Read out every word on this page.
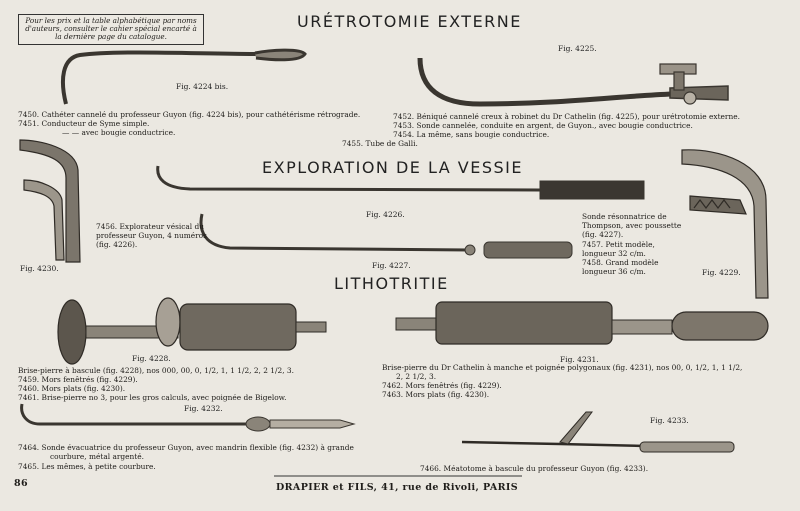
Pour les prix et la table alphabétique par noms d'auteurs, consulter le cahier spécial encarté à la dernière page du catalogue.
URÉTROTOMIE EXTERNE
EXPLORATION DE LA VESSIE
LITHOTRITIE
Fig. 4224 bis.
Fig. 4225.
Fig. 4226.
Fig. 4227.
Fig. 4228.
Fig. 4229.
Fig. 4230.
Fig. 4231.
Fig. 4232.
Fig. 4233.
7450. Cathéter cannelé du professeur Guyon (fig. 4224 bis), pour cathétérisme rétrograde.
7451. Conducteur de Syme simple.
— — avec bougie conductrice.
7452. Béniqué cannelé creux à robinet du Dr Cathelin (fig. 4225), pour urétrotomie externe.
7453. Sonde cannelée, conduite en argent, de Guyon., avec bougie conductrice.
7454. La même, sans bougie conductrice.
7455. Tube de Galli.
7456. Explorateur vésical du professeur Guyon, 4 numéros (fig. 4226).
Sonde résonnatrice de Thompson, avec poussette (fig. 4227).
7457. Petit modèle, longueur 32 c/m.
7458. Grand modèle longueur 36 c/m.
Brise-pierre à bascule (fig. 4228), nos 000, 00, 0, 1/2, 1, 1 1/2, 2, 2 1/2, 3.
7459. Mors fenêtrés (fig. 4229).
7460. Mors plats (fig. 4230).
7461. Brise-pierre no 3, pour les gros calculs, avec poignée de Bigelow.
Brise-pierre du Dr Cathelin à manche et poignée polygonaux (fig. 4231), nos 00, 0, 1/2, 1, 1 1/2,
2, 2 1/2, 3.
7462. Mors fenêtrés (fig. 4229).
7463. Mors plats (fig. 4230).
7464. Sonde évacuatrice du professeur Guyon, avec mandrin flexible (fig. 4232) à grande
courbure, métal argenté.
7465. Les mêmes, à petite courbure.	7466. Méatotome à bascule du professeur Guyon (fig. 4233).
86	DRAPIER et FILS, 41, rue de Rivoli, PARIS
